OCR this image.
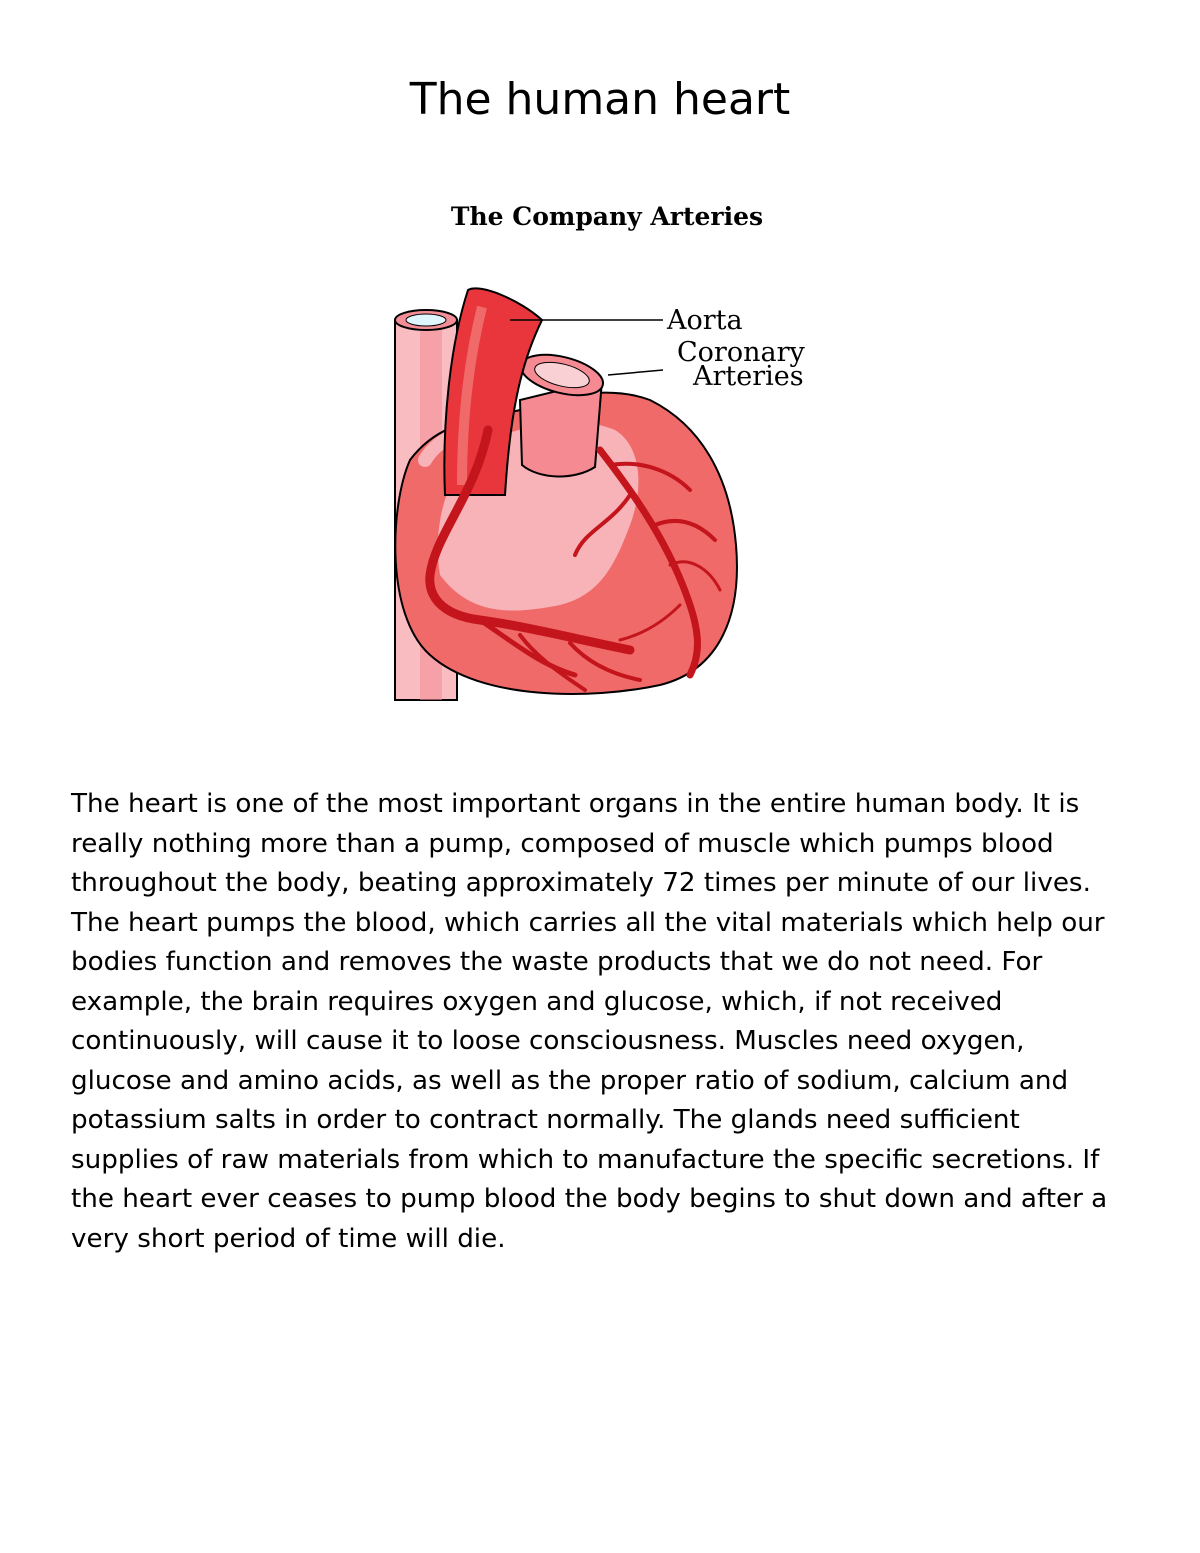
The human heart
The Company Arteries
Aorta
Coronary
Arteries

The heart is one of the most important organs in the entire human body. It is really nothing more than a pump, composed of muscle which pumps blood throughout the body, beating approximately 72 times per minute of our lives. The heart pumps the blood, which carries all the vital materials which help our bodies function and removes the waste products that we do not need. For example, the brain requires oxygen and glucose, which, if not received continuously, will cause it to loose consciousness. Muscles need oxygen, glucose and amino acids, as well as the proper ratio of sodium, calcium and potassium salts in order to contract normally. The glands need sufficient supplies of raw materials from which to manufacture the specific secretions. If the heart ever ceases to pump blood the body begins to shut down and after a very short period of time will die.
